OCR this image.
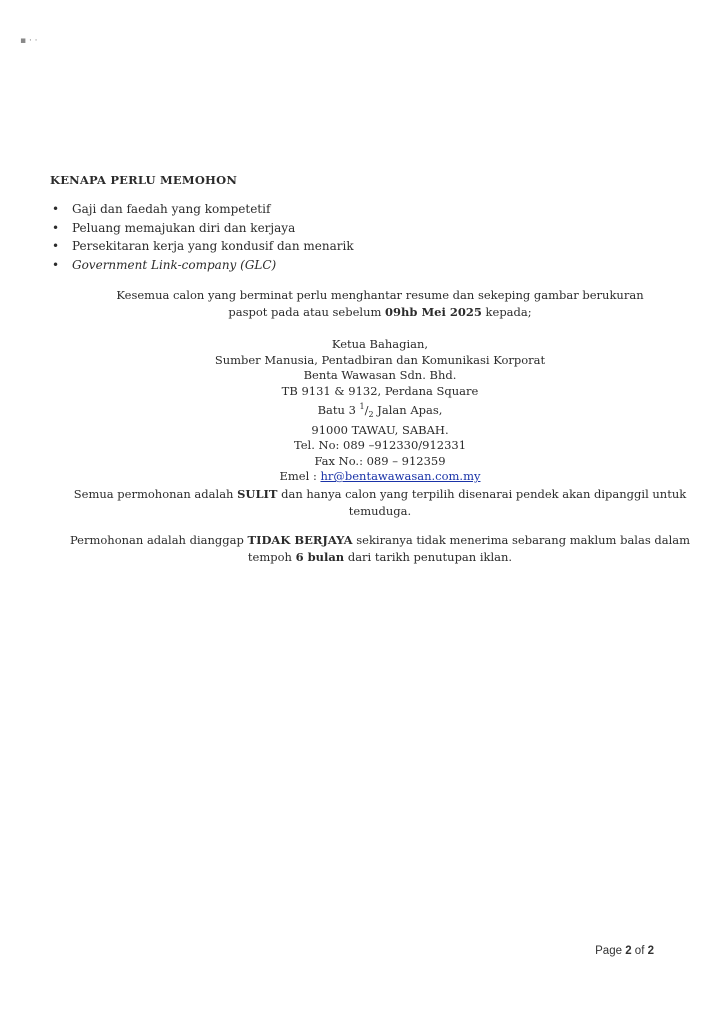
▪ · ·
KENAPA PERLU MEMOHON
• Gaji dan faedah yang kompetetif
• Peluang memajukan diri dan kerjaya
• Persekitaran kerja yang kondusif dan menarik
• Government Link-company (GLC)
Kesemua calon yang berminat perlu menghantar resume dan sekeping gambar berukuran
paspot pada atau sebelum 09hb Mei 2025 kepada;
Ketua Bahagian,
Sumber Manusia, Pentadbiran dan Komunikasi Korporat
Benta Wawasan Sdn. Bhd.
TB 9131 & 9132, Perdana Square
Batu 3 $^1/_2$ Jalan Apas,
91000 TAWAU, SABAH.
Tel. No: 089 –912330/912331
Fax No.: 089 – 912359
Emel : hr@bentawawasan.com.my
Semua permohonan adalah SULIT dan hanya calon yang terpilih disenarai pendek akan dipanggil untuk
temuduga.
Permohonan adalah dianggap TIDAK BERJAYA sekiranya tidak menerima sebarang maklum balas dalam
tempoh 6 bulan dari tarikh penutupan iklan.
Page 2 of 2
